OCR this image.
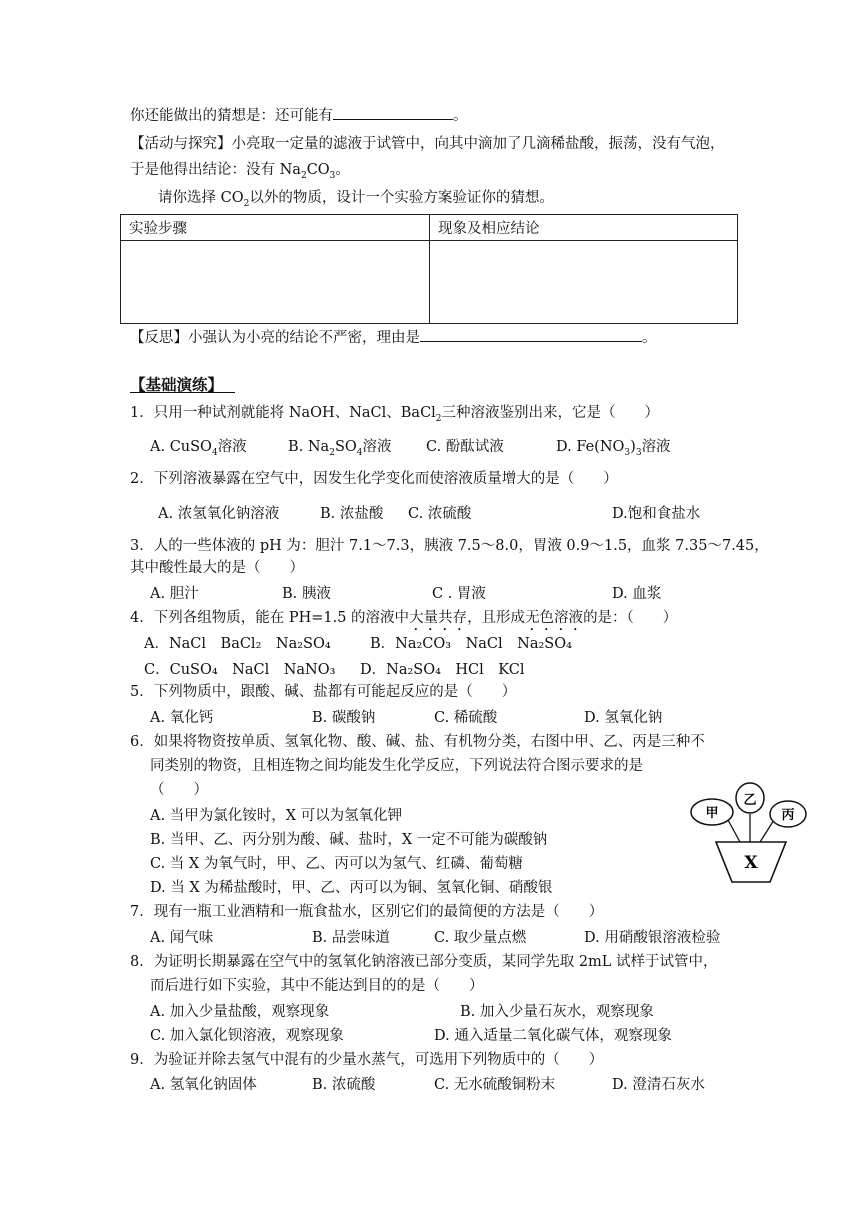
你还能做出的猜想是：还可能有	。
【活动与探究】小亮取一定量的滤液于试管中，向其中滴加了几滴稀盐酸，振荡，没有气泡，
于是他得出结论：没有 $Na_2CO_3$。
请你选择 $CO_2$以外的物质，设计一个实验方案验证你的猜想。
实验步骤	现象及相应结论

【反思】小强认为小亮的结论不严密，理由是	。
【基础演练】
1．只用一种试剂就能将 NaOH、NaCl、BaCl$_2$三种溶液鉴别出来，它是（　　）
A. CuSO$_4$溶液	B. $Na_2SO_4$溶液 C. 酚酞试液	D. $Fe(NO_3)_3$溶液
2．下列溶液暴露在空气中，因发生化学变化而使溶液质量增大的是（　　）
A. 浓氢氧化钠溶液	B. 浓盐酸 C. 浓硫酸	D.饱和食盐水
3．人的一些体液的 pH 为：胆汁 7.1～7.3，胰液 7.5～8.0，胃液 0.9～1.5，血浆 7.35～7.45，
其中酸性最大的是（　　）
A. 胆汁	B. 胰液	C . 胃液	D. 血浆
4．下列各组物质，能在 PH=1.5 的溶液中大量共存，且形成无色溶液的是：（　　）
A．NaCl　BaCl₂　Na₂SO₄	B．Na₂CO₃　NaCl　Na₂SO₄
C．CuSO₄　NaCl　NaNO₃ D．Na₂SO₄　HCl　KCl
5．下列物质中，跟酸、碱、盐都有可能起反应的是（　　）
A. 氧化钙	B. 碳酸钠	C. 稀硫酸	D. 氢氧化钠
6．如果将物资按单质、氢氧化物、酸、碱、盐、有机物分类，右图中甲、乙、丙是三种不
同类别的物资，且相连物之间均能发生化学反应，下列说法符合图示要求的是
（　　）
A. 当甲为氯化铵时，X 可以为氢氧化钾
B. 当甲、乙、丙分别为酸、碱、盐时，X 一定不可能为碳酸钠
C. 当 X 为氧气时，甲、乙、丙可以为氢气、红磷、葡萄糖
D. 当 X 为稀盐酸时，甲、乙、丙可以为铜、氢氧化铜、硝酸银
甲
乙
丙
X
7．现有一瓶工业酒精和一瓶食盐水，区别它们的最简便的方法是（　　）
A. 闻气味	B. 品尝味道	C. 取少量点燃	D. 用硝酸银溶液检验
8．为证明长期暴露在空气中的氢氧化钠溶液已部分变质，某同学先取 2mL 试样于试管中，
而后进行如下实验，其中不能达到目的的是（　　）
A. 加入少量盐酸，观察现象	B. 加入少量石灰水，观察现象
C. 加入氯化钡溶液，观察现象	D. 通入适量二氧化碳气体，观察现象
9．为验证并除去氢气中混有的少量水蒸气，可选用下列物质中的（　　）
A. 氢氧化钠固体	B. 浓硫酸	C. 无水硫酸铜粉末	D. 澄清石灰水
